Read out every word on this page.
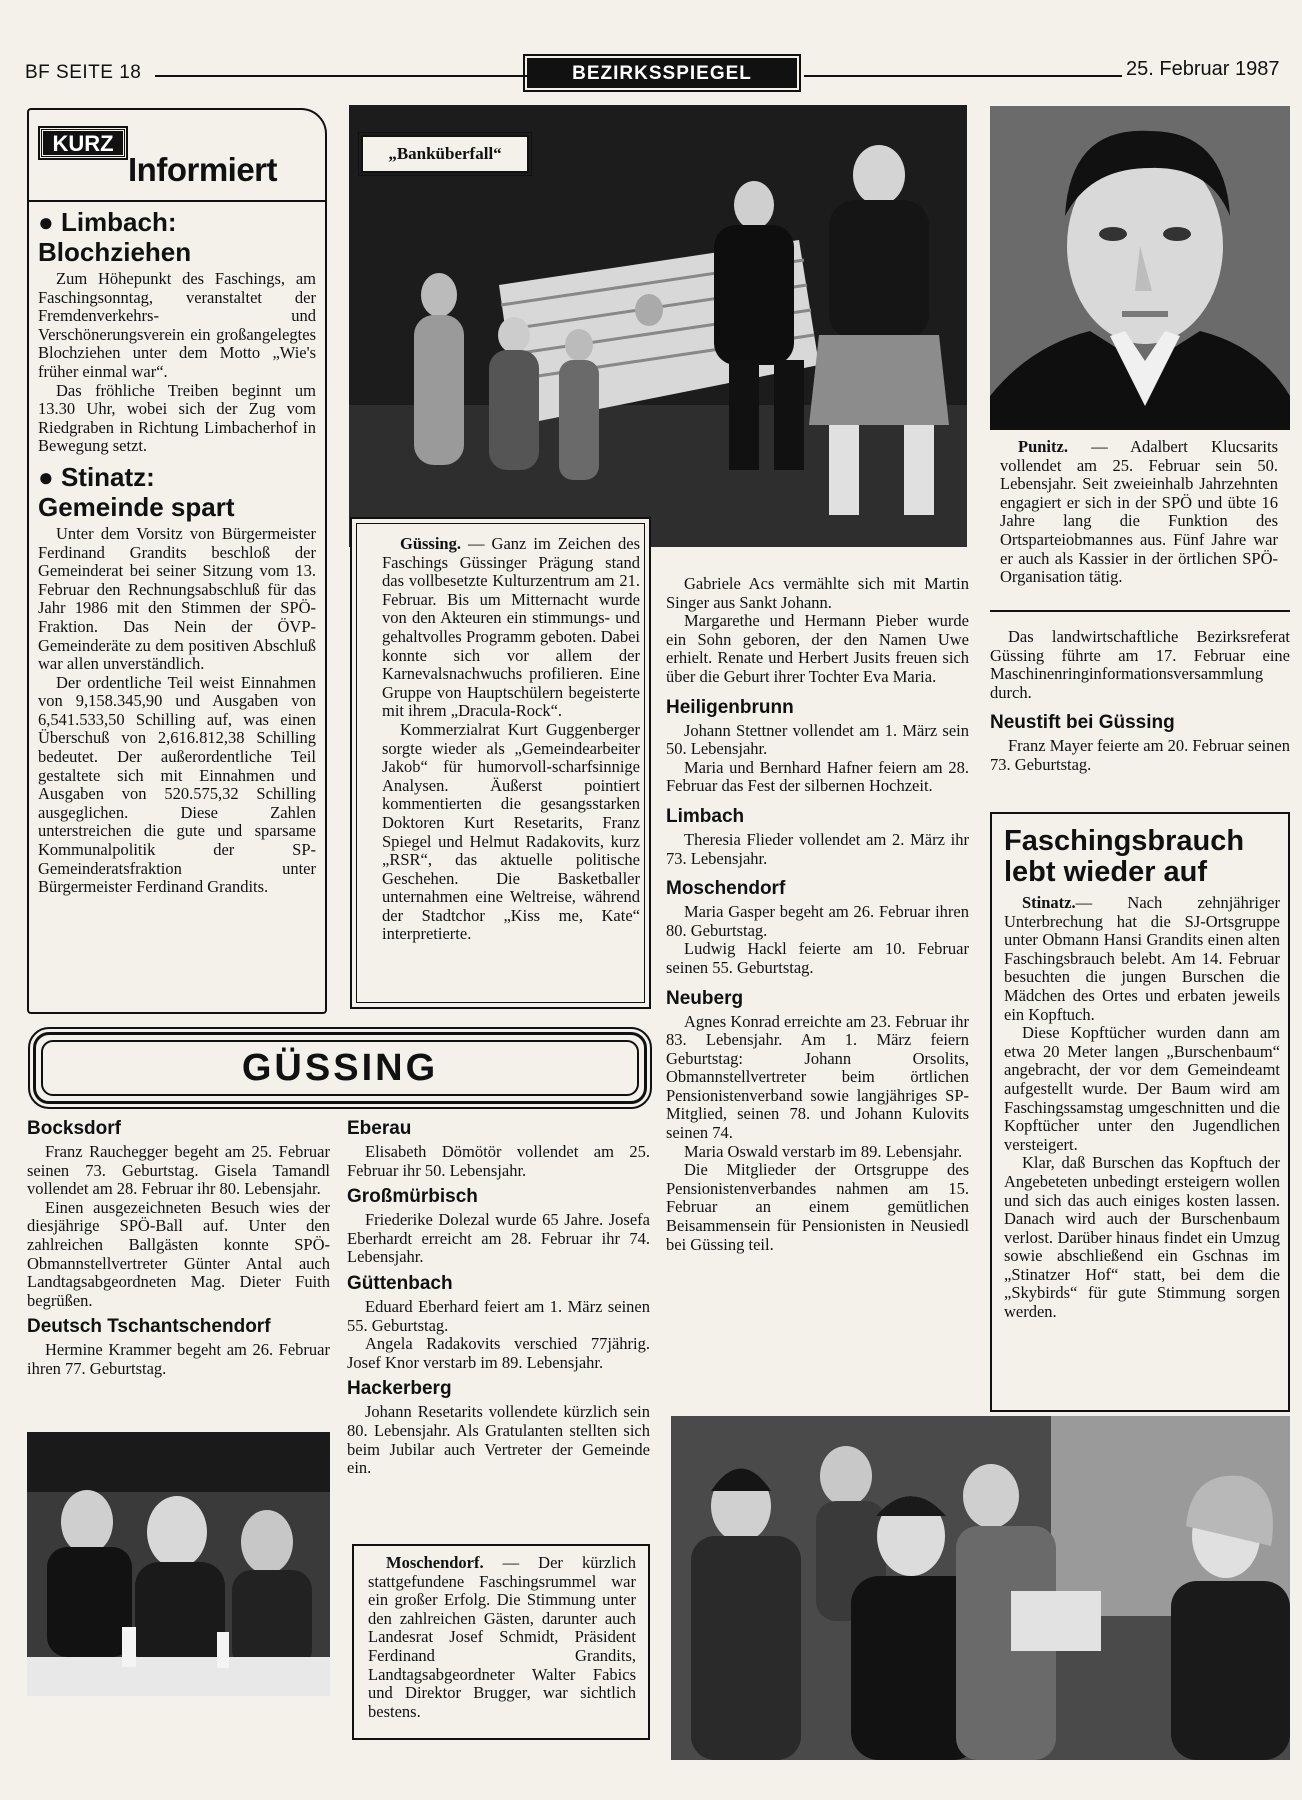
BF SEITE 18	BEZIRKSSPIEGEL	25. Februar 1987
KURZ
Informiert
● Limbach:
Blochziehen

Zum Höhepunkt des Faschings, am Faschingsonntag, veranstaltet der Fremdenverkehrs- und Verschönerungsverein ein großangelegtes Blochziehen unter dem Motto „Wie's früher einmal war“.

Das fröhliche Treiben beginnt um 13.30 Uhr, wobei sich der Zug vom Riedgraben in Richtung Limbacherhof in Bewegung setzt.

● Stinatz:
Gemeinde spart

Unter dem Vorsitz von Bürgermeister Ferdinand Grandits beschloß der Gemeinderat bei seiner Sitzung vom 13. Februar den Rechnungsabschluß für das Jahr 1986 mit den Stimmen der SPÖ-Fraktion. Das Nein der ÖVP-Gemeinderäte zu dem positiven Abschluß war allen unverständlich.

Der ordentliche Teil weist Einnahmen von 9,158.345,90 und Ausgaben von 6,541.533,50 Schilling auf, was einen Überschuß von 2,616.812,38 Schilling bedeutet. Der außerordentliche Teil gestaltete sich mit Einnahmen und Ausgaben von 520.575,32 Schilling ausgeglichen. Diese Zahlen unterstreichen die gute und sparsame Kommunalpolitik der SP-Gemeinderatsfraktion unter Bürgermeister Ferdinand Grandits.

„Banküberfall“

Güssing. — Ganz im Zeichen des Faschings Güssinger Prägung stand das vollbesetzte Kulturzentrum am 21. Februar. Bis um Mitternacht wurde von den Akteuren ein stimmungs- und gehaltvolles Programm geboten. Dabei konnte sich vor allem der Karnevalsnachwuchs profilieren. Eine Gruppe von Hauptschülern begeisterte mit ihrem „Dracula-Rock“.

Kommerzialrat Kurt Guggenberger sorgte wieder als „Gemeindearbeiter Jakob“ für humorvoll-scharfsinnige Analysen. Äußerst pointiert kommentierten die gesangsstarken Doktoren Kurt Resetarits, Franz Spiegel und Helmut Radakovits, kurz „RSR“, das aktuelle politische Geschehen. Die Basketballer unternahmen eine Weltreise, während der Stadtchor „Kiss me, Kate“ interpretierte.

Gabriele Acs vermählte sich mit Martin Singer aus Sankt Johann.
Margarethe und Hermann Pieber wurde ein Sohn geboren, der den Namen Uwe erhielt. Renate und Herbert Jusits freuen sich über die Geburt ihrer Tochter Eva Maria.
Heiligenbrunn
Johann Stettner vollendet am 1. März sein 50. Lebensjahr.
Maria und Bernhard Hafner feiern am 28. Februar das Fest der silbernen Hochzeit.
Limbach
Theresia Flieder vollendet am 2. März ihr 73. Lebensjahr.
Moschendorf
Maria Gasper begeht am 26. Februar ihren 80. Geburtstag.
Ludwig Hackl feierte am 10. Februar seinen 55. Geburtstag.
Neuberg
Agnes Konrad erreichte am 23. Februar ihr 83. Lebensjahr. Am 1. März feiern Geburtstag: Johann Orsolits, Obmannstellvertreter beim örtlichen Pensionistenverband sowie langjähriges SP-Mitglied, seinen 78. und Johann Kulovits seinen 74.
Maria Oswald verstarb im 89. Lebensjahr.
Die Mitglieder der Ortsgruppe des Pensionistenverbandes nahmen am 15. Februar an einem gemütlichen Beisammensein für Pensionisten in Neusiedl bei Güssing teil.

Punitz. — Adalbert Klucsarits vollendet am 25. Februar sein 50. Lebensjahr. Seit zweieinhalb Jahrzehnten engagiert er sich in der SPÖ und übte 16 Jahre lang die Funktion des Ortsparteiobmannes aus. Fünf Jahre war er auch als Kassier in der örtlichen SPÖ-Organisation tätig.

Das landwirtschaftliche Bezirksreferat Güssing führte am 17. Februar eine Maschinenringinformationsversammlung durch.
Neustift bei Güssing
Franz Mayer feierte am 20. Februar seinen 73. Geburtstag.
Faschingsbrauch
lebt wieder auf

Stinatz.— Nach zehnjähriger Unterbrechung hat die SJ-Ortsgruppe unter Obmann Hansi Grandits einen alten Faschingsbrauch belebt. Am 14. Februar besuchten die jungen Burschen die Mädchen des Ortes und erbaten jeweils ein Kopftuch.

Diese Kopftücher wurden dann am etwa 20 Meter langen „Burschenbaum“ angebracht, der vor dem Gemeindeamt aufgestellt wurde. Der Baum wird am Faschingssamstag umgeschnitten und die Kopftücher unter den Jugendlichen versteigert.

Klar, daß Burschen das Kopftuch der Angebeteten unbedingt ersteigern wollen und sich das auch einiges kosten lassen. Danach wird auch der Burschenbaum verlost. Darüber hinaus findet ein Umzug sowie abschließend ein Gschnas im „Stinatzer Hof“ statt, bei dem die „Skybirds“ für gute Stimmung sorgen werden.

GÜSSING
Bocksdorf
Franz Rauchegger begeht am 25. Februar seinen 73. Geburtstag. Gisela Tamandl vollendet am 28. Februar ihr 80. Lebensjahr.
Einen ausgezeichneten Besuch wies der diesjährige SPÖ-Ball auf. Unter den zahlreichen Ballgästen konnte SPÖ-Obmannstellvertreter Günter Antal auch Landtagsabgeordneten Mag. Dieter Fuith begrüßen.
Deutsch Tschantschendorf
Hermine Krammer begeht am 26. Februar ihren 77. Geburtstag.
Eberau
Elisabeth Dömötör vollendet am 25. Februar ihr 50. Lebensjahr.
Großmürbisch
Friederike Dolezal wurde 65 Jahre. Josefa Eberhardt erreicht am 28. Februar ihr 74. Lebensjahr.
Güttenbach
Eduard Eberhard feiert am 1. März seinen 55. Geburtstag.
Angela Radakovits verschied 77jährig. Josef Knor verstarb im 89. Lebensjahr.
Hackerberg
Johann Resetarits vollendete kürzlich sein 80. Lebensjahr. Als Gratulanten stellten sich beim Jubilar auch Vertreter der Gemeinde ein.

Moschendorf. — Der kürzlich stattgefundene Faschingsrummel war ein großer Erfolg. Die Stimmung unter den zahlreichen Gästen, darunter auch Landesrat Josef Schmidt, Präsident Ferdinand Grandits, Landtagsabgeordneter Walter Fabics und Direktor Brugger, war sichtlich bestens.
